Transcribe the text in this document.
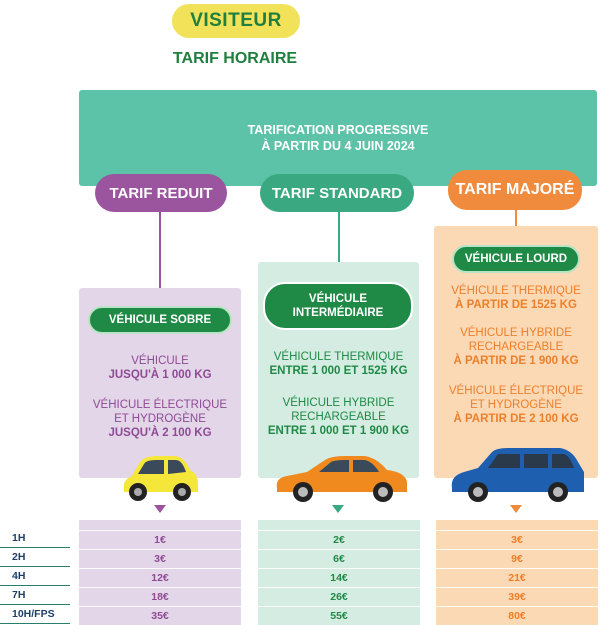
VISITEUR
TARIF HORAIRE
TARIFICATION PROGRESSIVE
À PARTIR DU 4 JUIN 2024
TARIF REDUIT	TARIF STANDARD	TARIF MAJORÉ
VÉHICULE SOBRE
VÉHICULE
INTERMÉDIAIRE
VÉHICULE LOURD
VÉHICULE
JUSQU'À 1 000 KG
VÉHICULE ÉLECTRIQUE
ET HYDROGÈNE
JUSQU'À 2 100 KG
VÉHICULE THERMIQUE
ENTRE 1 000 ET 1525 KG
VÉHICULE HYBRIDE
RECHARGEABLE
ENTRE 1 000 ET 1 900 KG
VÉHICULE THERMIQUE
À PARTIR DE 1525 KG
VÉHICULE HYBRIDE
RECHARGEABLE
À PARTIR DE 1 900 KG
VÉHICULE ÉLECTRIQUE
ET HYDROGÈNE
À PARTIR DE 2 100 KG
1H
2H
4H
7H
10H/FPS
1€
3€
12€
18€
35€
2€
6€
14€
26€
55€
3€
9€
21€
39€
80€
